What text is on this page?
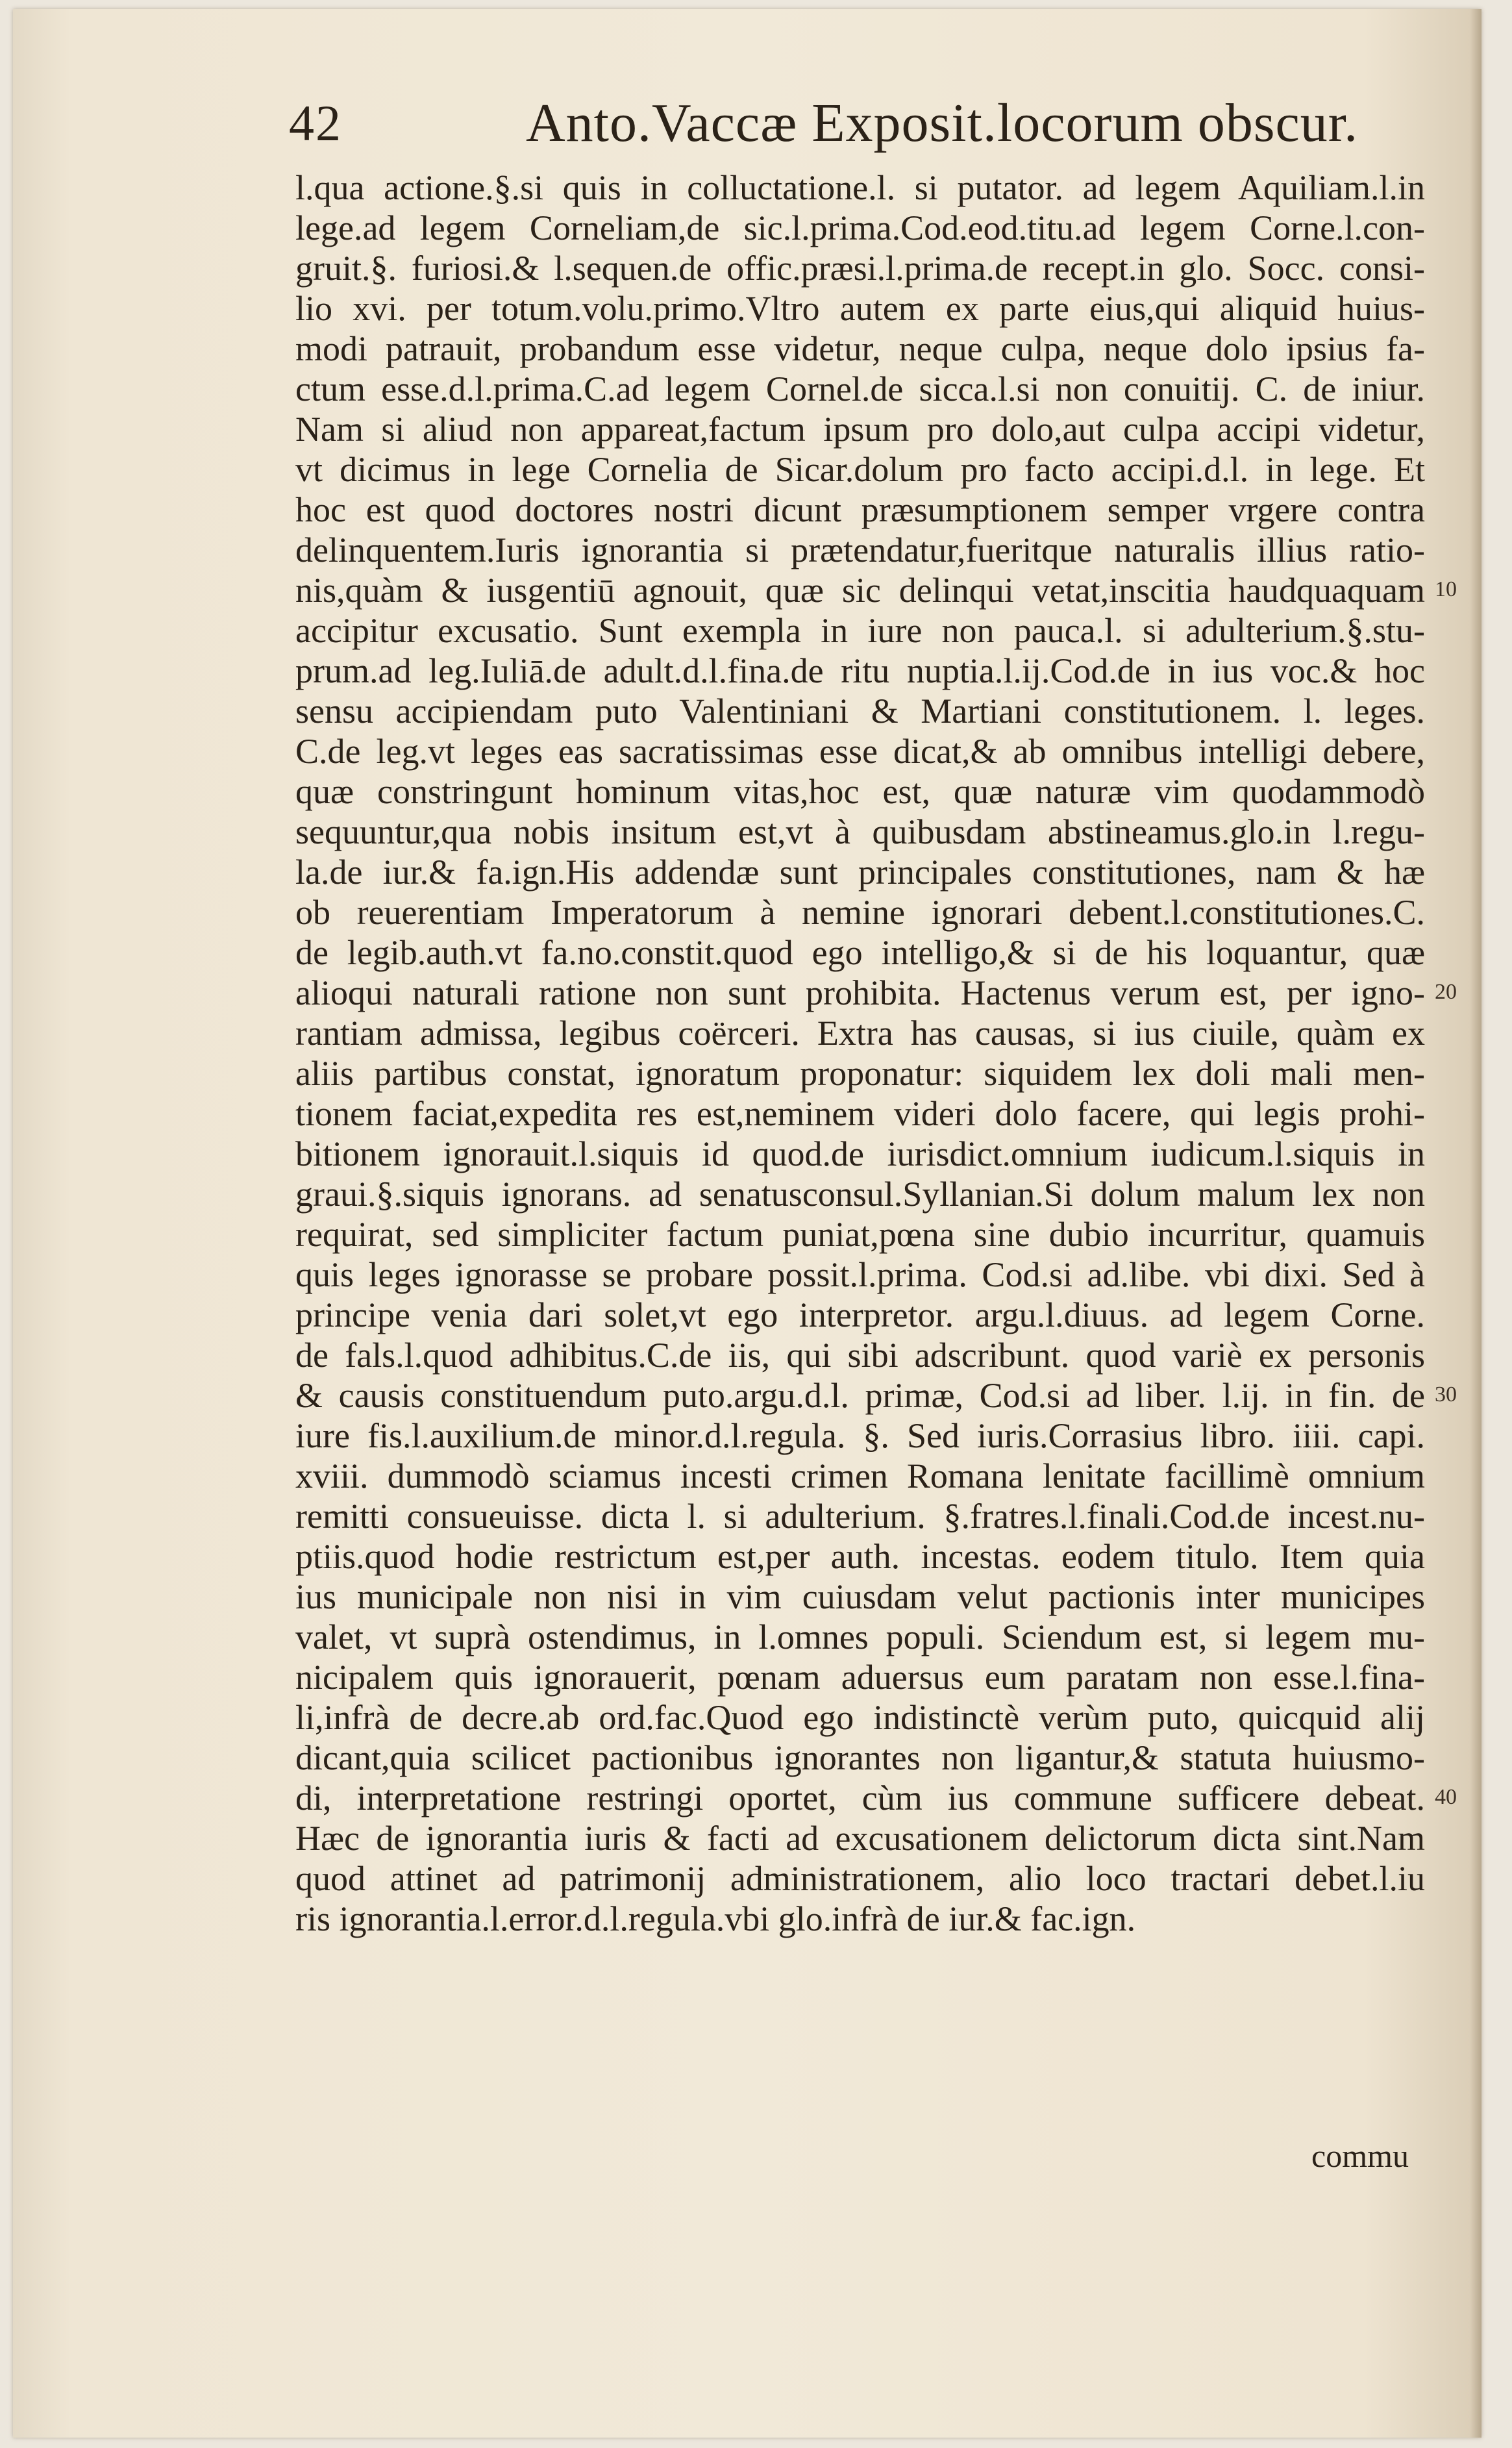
42	Anto.Vaccæ Exposit.locorum obscur.
l.qua actione.§.si quis in colluctatione.l. si putator. ad legem Aquiliam.l.in
lege.ad legem Corneliam,de sic.l.prima.Cod.eod.titu.ad legem Corne.l.con-
gruit.§. furiosi.& l.sequen.de offic.præsi.l.prima.de recept.in glo. Socc. consi-
lio xvi. per totum.volu.primo.Vltro autem ex parte eius,qui aliquid huius-
modi patrauit, probandum esse videtur, neque culpa, neque dolo ipsius fa-
ctum esse.d.l.prima.C.ad legem Cornel.de sicca.l.si non conuitij. C. de iniur.
Nam si aliud non appareat,factum ipsum pro dolo,aut culpa accipi videtur,
vt dicimus in lege Cornelia de Sicar.dolum pro facto accipi.d.l. in lege. Et
hoc est quod doctores nostri dicunt præsumptionem semper vrgere contra
delinquentem.Iuris ignorantia si prætendatur,fueritque naturalis illius ratio-
nis,quàm & iusgentiū agnouit, quæ sic delinqui vetat,inscitia haudquaquam
accipitur excusatio. Sunt exempla in iure non pauca.l. si adulterium.§.stu-
prum.ad leg.Iuliā.de adult.d.l.fina.de ritu nuptia.l.ij.Cod.de in ius voc.& hoc
sensu accipiendam puto Valentiniani & Martiani constitutionem. l. leges.
C.de leg.vt leges eas sacratissimas esse dicat,& ab omnibus intelligi debere,
quæ constringunt hominum vitas,hoc est, quæ naturæ vim quodammodò
sequuntur,qua nobis insitum est,vt à quibusdam abstineamus.glo.in l.regu-
la.de iur.& fa.ign.His addendæ sunt principales constitutiones, nam & hæ
ob reuerentiam Imperatorum à nemine ignorari debent.l.constitutiones.C.
de legib.auth.vt fa.no.constit.quod ego intelligo,& si de his loquantur, quæ
alioqui naturali ratione non sunt prohibita. Hactenus verum est, per igno-
rantiam admissa, legibus coërceri. Extra has causas, si ius ciuile, quàm ex
aliis partibus constat, ignoratum proponatur: siquidem lex doli mali men-
tionem faciat,expedita res est,neminem videri dolo facere, qui legis prohi-
bitionem ignorauit.l.siquis id quod.de iurisdict.omnium iudicum.l.siquis in
graui.§.siquis ignorans. ad senatusconsul.Syllanian.Si dolum malum lex non
requirat, sed simpliciter factum puniat,pœna sine dubio incurritur, quamuis
quis leges ignorasse se probare possit.l.prima. Cod.si ad.libe. vbi dixi. Sed à
principe venia dari solet,vt ego interpretor. argu.l.diuus. ad legem Corne.
de fals.l.quod adhibitus.C.de iis, qui sibi adscribunt. quod variè ex personis
& causis constituendum puto.argu.d.l. primæ, Cod.si ad liber. l.ij. in fin. de
iure fis.l.auxilium.de minor.d.l.regula. §. Sed iuris.Corrasius libro. iiii. capi.
xviii. dummodò sciamus incesti crimen Romana lenitate facillimè omnium
remitti consueuisse. dicta l. si adulterium. §.fratres.l.finali.Cod.de incest.nu-
ptiis.quod hodie restrictum est,per auth. incestas. eodem titulo. Item quia
ius municipale non nisi in vim cuiusdam velut pactionis inter municipes
valet, vt suprà ostendimus, in l.omnes populi. Sciendum est, si legem mu-
nicipalem quis ignorauerit, pœnam aduersus eum paratam non esse.l.fina-
li,infrà de decre.ab ord.fac.Quod ego indistinctè verùm puto, quicquid alij
dicant,quia scilicet pactionibus ignorantes non ligantur,& statuta huiusmo-
di, interpretatione restringi oportet, cùm ius commune sufficere debeat.
Hæc de ignorantia iuris & facti ad excusationem delictorum dicta sint.Nam
quod attinet ad patrimonij administrationem, alio loco tractari debet.l.iu
ris ignorantia.l.error.d.l.regula.vbi glo.infrà de iur.& fac.ign.
10
20
30
40
commu
